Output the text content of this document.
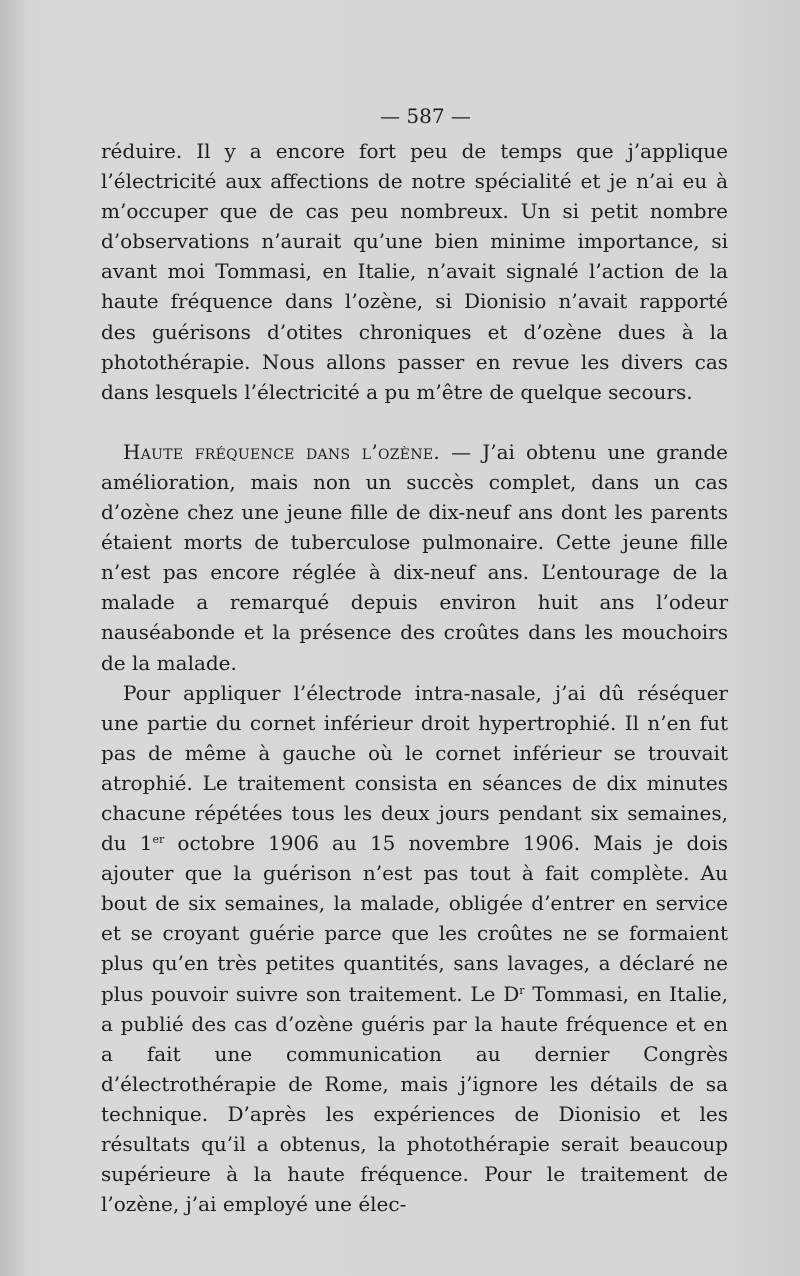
— 587 —

réduire. Il y a encore fort peu de temps que j’applique l’électricité aux affections de notre spécialité et je n’ai eu à m’occuper que de cas peu nombreux. Un si petit nombre d’observations n’aurait qu’une bien minime importance, si avant moi Tommasi, en Italie, n’avait signalé l’action de la haute fréquence dans l’ozène, si Dionisio n’avait rapporté des guérisons d’otites chroniques et d’ozène dues à la photothérapie. Nous allons passer en revue les divers cas dans lesquels l’électricité a pu m’être de quelque secours.

Haute fréquence dans l’ozène. — J’ai obtenu une grande amélioration, mais non un succès complet, dans un cas d’ozène chez une jeune fille de dix-neuf ans dont les parents étaient morts de tuberculose pulmonaire. Cette jeune fille n’est pas encore réglée à dix-neuf ans. L’entourage de la malade a remarqué depuis environ huit ans l’odeur nauséabonde et la présence des croûtes dans les mouchoirs de la malade.

Pour appliquer l’électrode intra-nasale, j’ai dû réséquer une partie du cornet inférieur droit hypertrophié. Il n’en fut pas de même à gauche où le cornet inférieur se trouvait atrophié. Le traitement consista en séances de dix minutes chacune répétées tous les deux jours pendant six semaines, du 1er octobre 1906 au 15 novembre 1906. Mais je dois ajouter que la guérison n’est pas tout à fait complète. Au bout de six semaines, la malade, obligée d’entrer en service et se croyant guérie parce que les croûtes ne se formaient plus qu’en très petites quantités, sans lavages, a déclaré ne plus pouvoir suivre son traitement. Le $D^r$ Tommasi, en Italie, a publié des cas d’ozène guéris par la haute fréquence et en a fait une communication au dernier Congrès d’électrothérapie de Rome, mais j’ignore les détails de sa technique. D’après les expériences de Dionisio et les résultats qu’il a obtenus, la photothérapie serait beaucoup supérieure à la haute fréquence. Pour le traitement de l’ozène, j’ai employé une élec-
